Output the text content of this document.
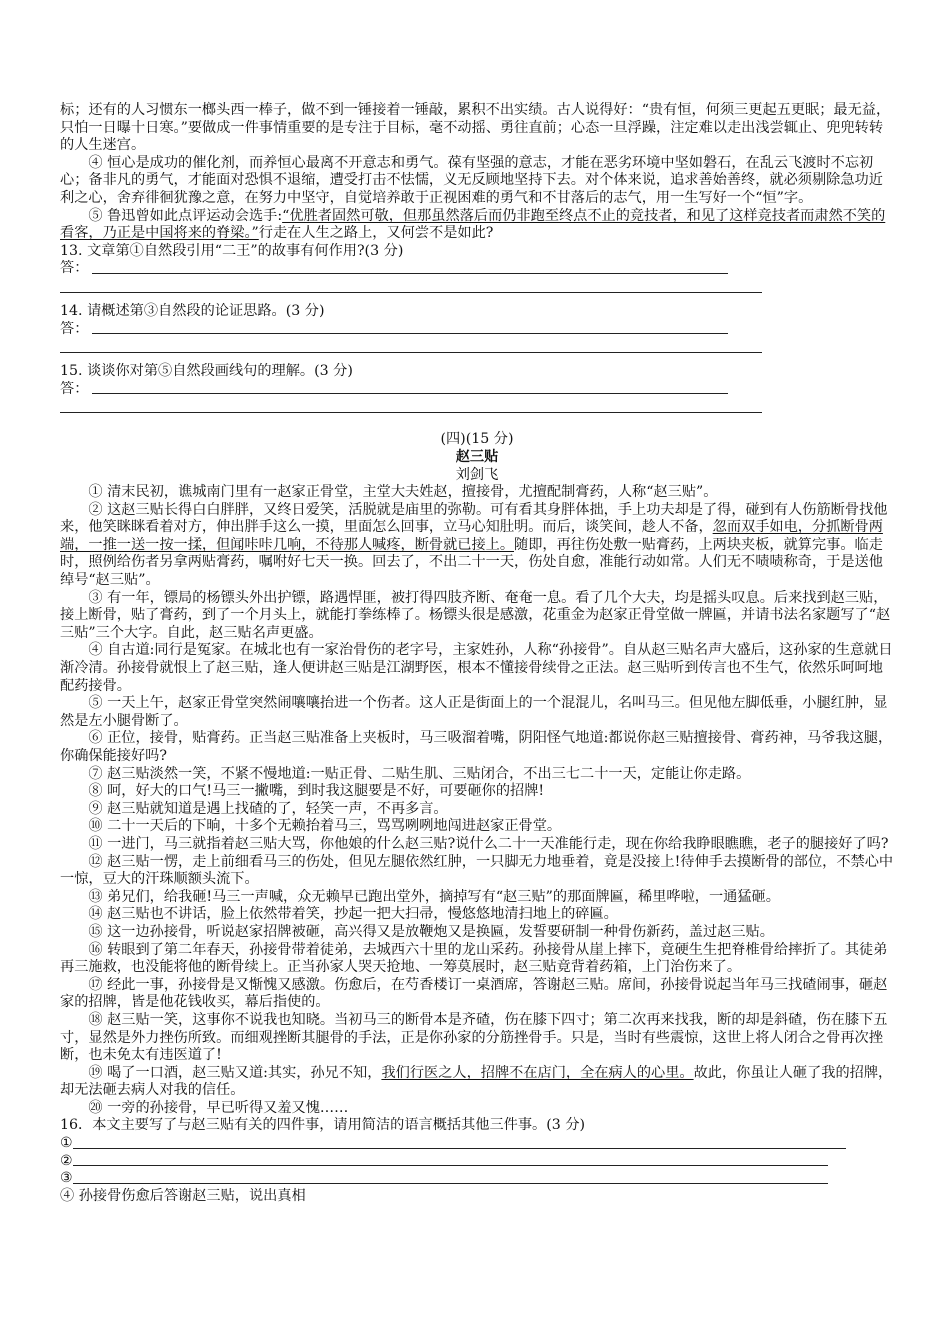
标；还有的人习惯东一榔头西一棒子，做不到一锤接着一锤敲，累积不出实绩。古人说得好：“贵有恒，何须三更起五更眠；最无益，只怕一日曝十日寒。”要做成一件事情重要的是专注于目标，毫不动摇、勇往直前；心态一旦浮躁，注定难以走出浅尝辄止、兜兜转转的人生迷宫。

④ 恒心是成功的催化剂，而养恒心最离不开意志和勇气。葆有坚强的意志，才能在恶劣环境中坚如磐石，在乱云飞渡时不忘初心；备非凡的勇气，才能面对恐惧不退缩，遭受打击不怯懦，义无反顾地坚持下去。对个体来说，追求善始善终，就必须剔除急功近利之心，舍弃徘徊犹豫之意，在努力中坚守，自觉培养敢于正视困难的勇气和不甘落后的志气，用一生写好一个“恒”字。

⑤ 鲁迅曾如此点评运动会选手:“优胜者固然可敬，但那虽然落后而仍非跑至终点不止的竞技者，和见了这样竞技者而肃然不笑的看客，乃正是中国将来的脊梁。”行走在人生之路上，又何尝不是如此?

13. 文章第①自然段引用“二王”的故事有何作用?(3 分)

答：

14. 请概述第③自然段的论证思路。(3 分)

答：

15. 谈谈你对第⑤自然段画线句的理解。(3 分)

答：

(四)(15 分)

赵三贴

刘剑飞

① 清末民初，谯城南门里有一赵家正骨堂，主堂大夫姓赵，擅接骨，尤擅配制膏药，人称“赵三贴”。

② 这赵三贴长得白白胖胖，又终日爱笑，活脱就是庙里的弥勒。可有看其身胖体拙，手上功夫却是了得，碰到有人伤筋断骨找他来，他笑眯眯看着对方，伸出胖手这么一摸，里面怎么回事，立马心知肚明。而后，谈笑间，趁人不备，忽而双手如电，分抓断骨两端，一推一送一按一揉，但闻咔咔几响，不待那人喊疼，断骨就已接上。随即，再往伤处敷一贴膏药，上两块夹板，就算完事。临走时，照例给伤者另拿两贴膏药，嘱咐好七天一换。回去了，不出二十一天，伤处自愈，准能行动如常。人们无不啧啧称奇，于是送他绰号“赵三贴”。

③ 有一年，镖局的杨镖头外出护镖，路遇悍匪，被打得四肢齐断、奄奄一息。看了几个大夫，均是摇头叹息。后来找到赵三贴，接上断骨，贴了膏药，到了一个月头上，就能打拳练棒了。杨镖头很是感激，花重金为赵家正骨堂做一牌匾，并请书法名家题写了“赵三贴”三个大字。自此，赵三贴名声更盛。

④ 自古道:同行是冤家。在城北也有一家治骨伤的老字号，主家姓孙，人称“孙接骨”。自从赵三贴名声大盛后，这孙家的生意就日渐冷清。孙接骨就恨上了赵三贴，逢人便讲赵三贴是江湖野医，根本不懂接骨续骨之正法。赵三贴听到传言也不生气，依然乐呵呵地配药接骨。

⑤ 一天上午，赵家正骨堂突然闹嚷嚷抬进一个伤者。这人正是街面上的一个混混儿，名叫马三。但见他左脚低垂，小腿红肿，显然是左小腿骨断了。

⑥ 正位，接骨，贴膏药。正当赵三贴准备上夹板时，马三吸溜着嘴，阴阳怪气地道:都说你赵三贴擅接骨、膏药神，马爷我这腿，你确保能接好吗?

⑦ 赵三贴淡然一笑，不紧不慢地道:一贴正骨、二贴生肌、三贴闭合，不出三七二十一天，定能让你走路。

⑧ 呵，好大的口气!马三一撇嘴，到时我这腿要是不好，可要砸你的招牌!

⑨ 赵三贴就知道是遇上找碴的了，轻笑一声，不再多言。

⑩ 二十一天后的下晌，十多个无赖抬着马三，骂骂咧咧地闯进赵家正骨堂。

⑪ 一进门，马三就指着赵三贴大骂，你他娘的什么赵三贴?说什么二十一天准能行走，现在你给我睁眼瞧瞧，老子的腿接好了吗?

⑫ 赵三贴一愣，走上前细看马三的伤处，但见左腿依然红肿，一只脚无力地垂着，竟是没接上!待伸手去摸断骨的部位，不禁心中一惊，豆大的汗珠顺额头流下。

⑬ 弟兄们，给我砸!马三一声喊，众无赖早已跑出堂外，摘掉写有“赵三贴”的那面牌匾，稀里哗啦，一通猛砸。

⑭ 赵三贴也不讲话，脸上依然带着笑，抄起一把大扫帚，慢悠悠地清扫地上的碎匾。

⑮ 这一边孙接骨，听说赵家招牌被砸，高兴得又是放鞭炮又是换匾，发誓要研制一种骨伤新药，盖过赵三贴。

⑯ 转眼到了第二年春天，孙接骨带着徒弟，去城西六十里的龙山采药。孙接骨从崖上摔下，竟硬生生把脊椎骨给摔折了。其徒弟再三施救，也没能将他的断骨续上。正当孙家人哭天抢地、一筹莫展时，赵三贴竟背着药箱，上门治伤来了。

⑰ 经此一事，孙接骨是又惭愧又感激。伤愈后，在芍香楼订一桌酒席，答谢赵三贴。席间，孙接骨说起当年马三找碴闹事，砸赵家的招牌，皆是他花钱收买，幕后指使的。

⑱ 赵三贴一笑，这事你不说我也知晓。当初马三的断骨本是齐碴，伤在膝下四寸；第二次再来找我，断的却是斜碴，伤在膝下五寸，显然是外力挫伤所致。而细观挫断其腿骨的手法，正是你孙家的分筋挫骨手。只是，当时有些震惊，这世上将人闭合之骨再次挫断，也未免太有违医道了!

⑲ 喝了一口酒，赵三贴又道:其实，孙兄不知，我们行医之人，招牌不在店门，全在病人的心里。故此，你虽让人砸了我的招牌，却无法砸去病人对我的信任。

⑳ 一旁的孙接骨，早已听得又羞又愧……

16．本文主要写了与赵三贴有关的四件事，请用简洁的语言概括其他三件事。(3 分)

①
②
③

④ 孙接骨伤愈后答谢赵三贴，说出真相
